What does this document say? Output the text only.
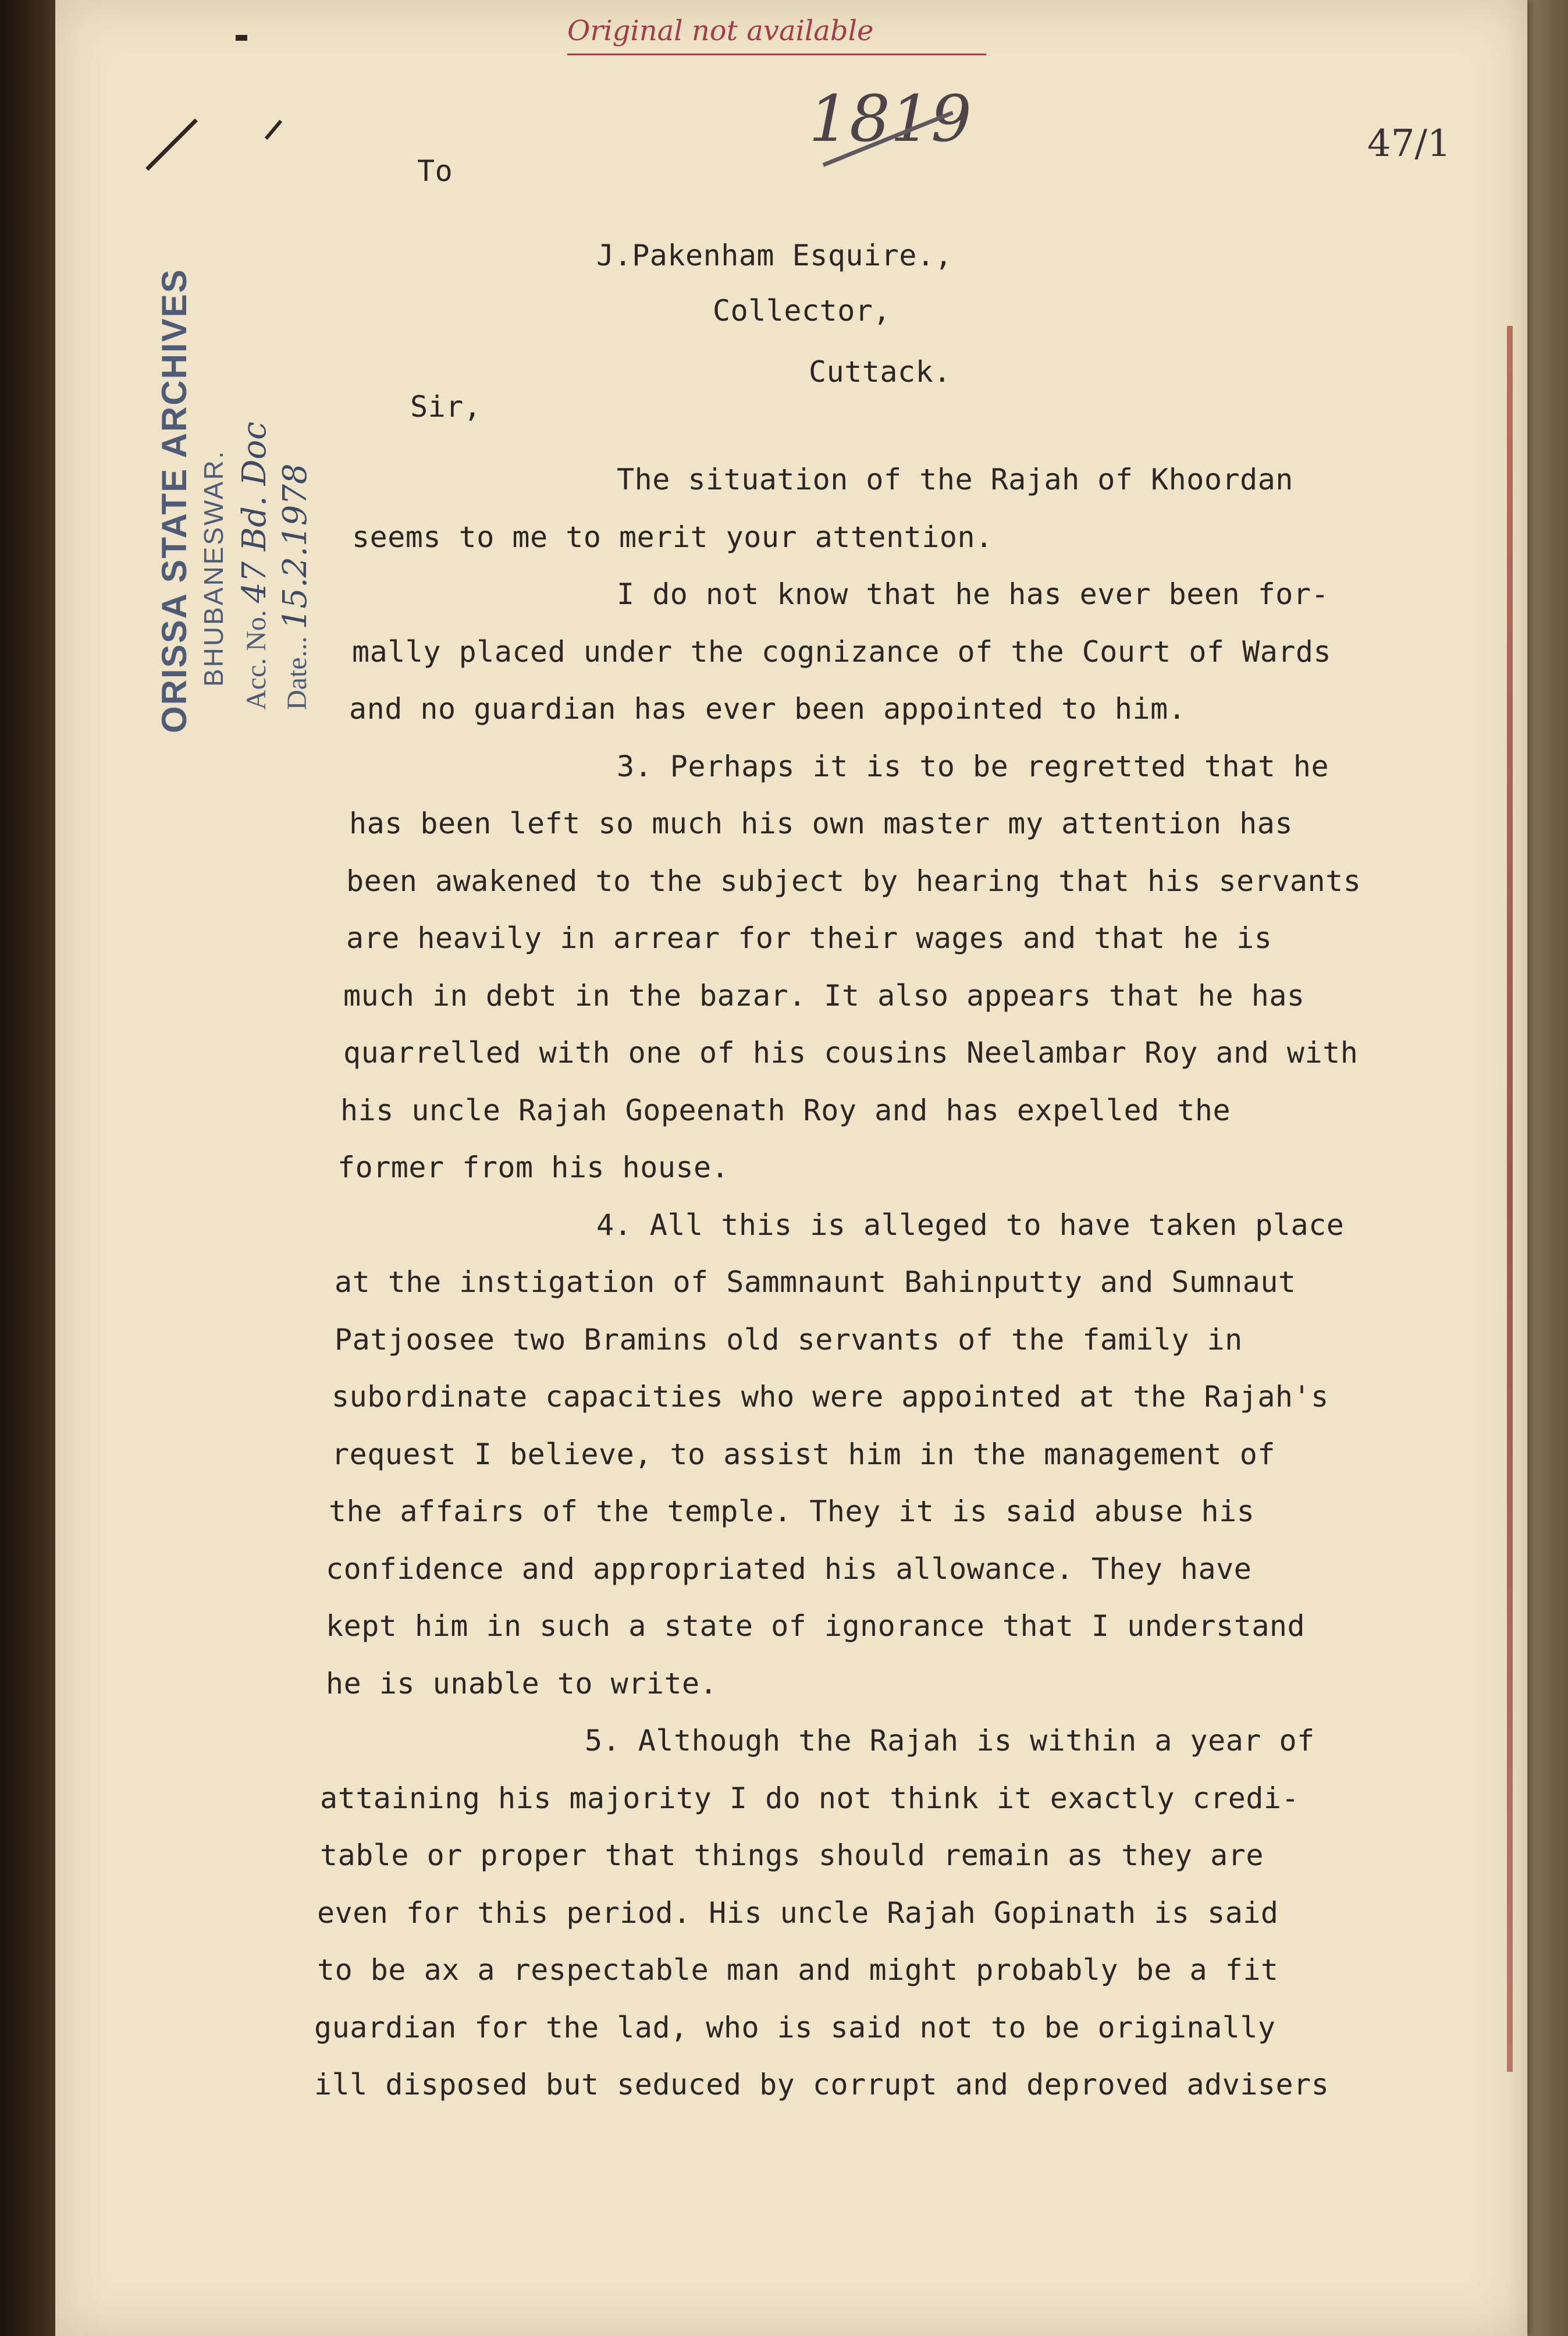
Original not available
1819	47/1
ORISSA STATE ARCHIVES BHUBANESWAR. Acc. No. 47 Bd. Doc
Date... 15.2.1978
To
J.Pakenham Esquire.,
Collector,
Cuttack.
Sir,
The situation of the Rajah of Khoordan
seems to me to merit your attention.
I do not know that he has ever been for-
mally placed under the cognizance of the Court of Wards
and no guardian has ever been appointed to him.
3. Perhaps it is to be regretted that he
has been left so much his own master my attention has
been awakened to the subject by hearing that his servants
are heavily in arrear for their wages and that he is
much in debt in the bazar. It also appears that he has
quarrelled with one of his cousins Neelambar Roy and with
his uncle Rajah Gopeenath Roy and has expelled the
former from his house.
4. All this is alleged to have taken place
at the instigation of Sammnaunt Bahinputty and Sumnaut
Patjoosee two Bramins old servants of the family in
subordinate capacities who were appointed at the Rajah's
request I believe, to assist him in the management of
the affairs of the temple. They it is said abuse his
confidence and appropriated his allowance. They have
kept him in such a state of ignorance that I understand
he is unable to write.
5. Although the Rajah is within a year of
attaining his majority I do not think it exactly credi-
table or proper that things should remain as they are
even for this period. His uncle Rajah Gopinath is said
to be ax a respectable man and might probably be a fit
guardian for the lad, who is said not to be originally
ill disposed but seduced by corrupt and deproved advisers
